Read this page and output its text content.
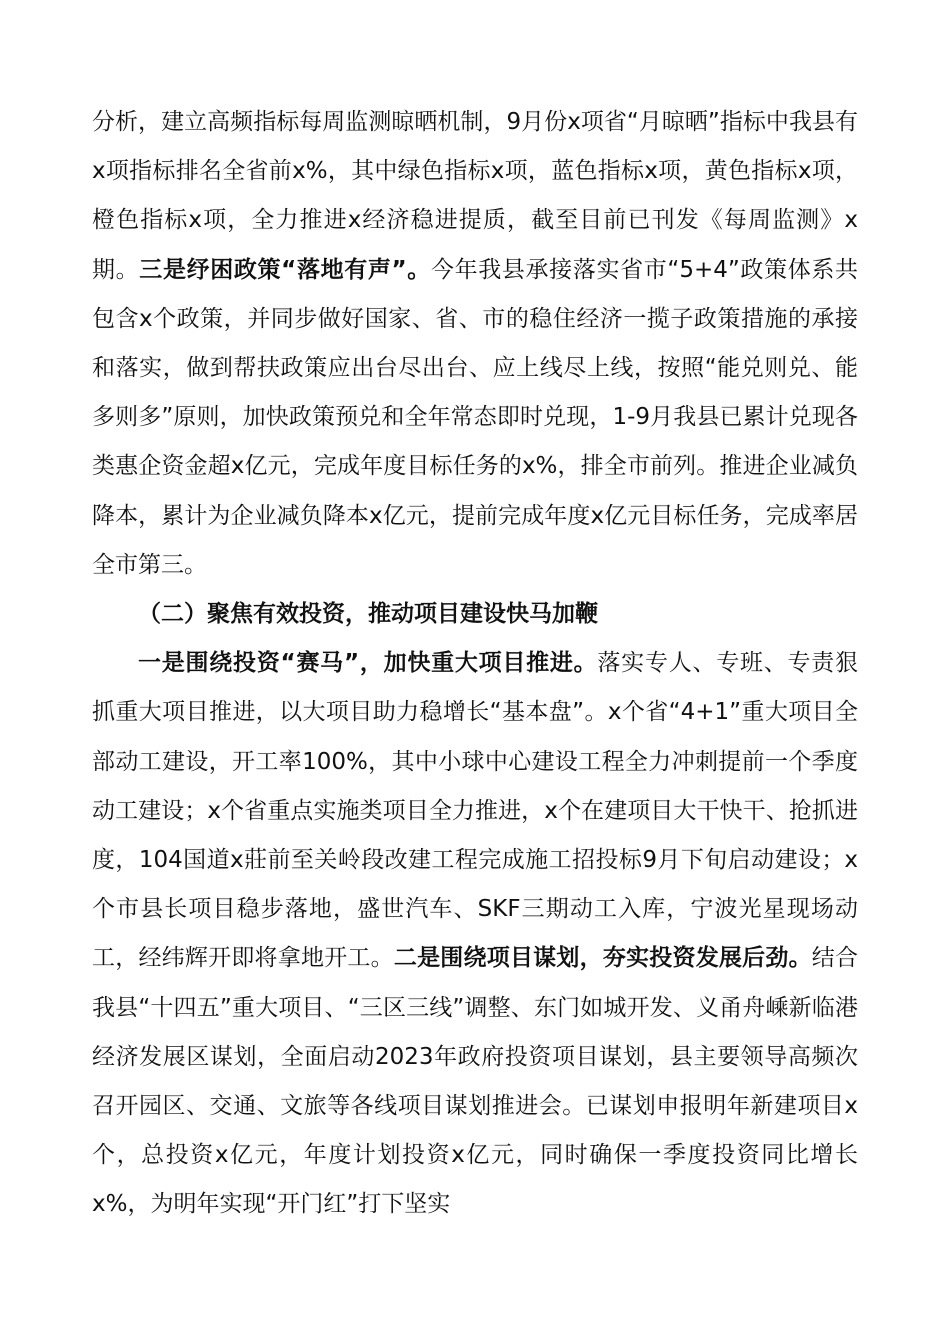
分析，建立高频指标每周监测晾晒机制，9月份x项省“月晾晒”指标中我县有x项指标排名全省前x%，其中绿色指标x项，蓝色指标x项，黄色指标x项，橙色指标x项，全力推进x经济稳进提质，截至目前已刊发《每周监测》x期。三是纾困政策“落地有声”。今年我县承接落实省市“5+4”政策体系共包含x个政策，并同步做好国家、省、市的稳住经济一揽子政策措施的承接和落实，做到帮扶政策应出台尽出台、应上线尽上线，按照“能兑则兑、能多则多”原则，加快政策预兑和全年常态即时兑现，1-9月我县已累计兑现各类惠企资金超x亿元，完成年度目标任务的x%，排全市前列。推进企业减负降本，累计为企业减负降本x亿元，提前完成年度x亿元目标任务，完成率居全市第三。

（二）聚焦有效投资，推动项目建设快马加鞭

一是围绕投资“赛马”，加快重大项目推进。落实专人、专班、专责狠抓重大项目推进，以大项目助力稳增长“基本盘”。x个省“4+1”重大项目全部动工建设，开工率100%，其中小球中心建设工程全力冲刺提前一个季度动工建设；x个省重点实施类项目全力推进，x个在建项目大干快干、抢抓进度，104国道x莊前至关岭段改建工程完成施工招投标9月下旬启动建设；x个市县长项目稳步落地，盛世汽车、SKF三期动工入库，宁波光星现场动工，经纬辉开即将拿地开工。二是围绕项目谋划，夯实投资发展后劲。结合我县“十四五”重大项目、“三区三线”调整、东门如城开发、义甬舟嵊新临港经济发展区谋划，全面启动2023年政府投资项目谋划，县主要领导高频次召开园区、交通、文旅等各线项目谋划推进会。已谋划申报明年新建项目x个，总投资x亿元，年度计划投资x亿元，同时确保一季度投资同比增长x%，为明年实现“开门红”打下坚实
